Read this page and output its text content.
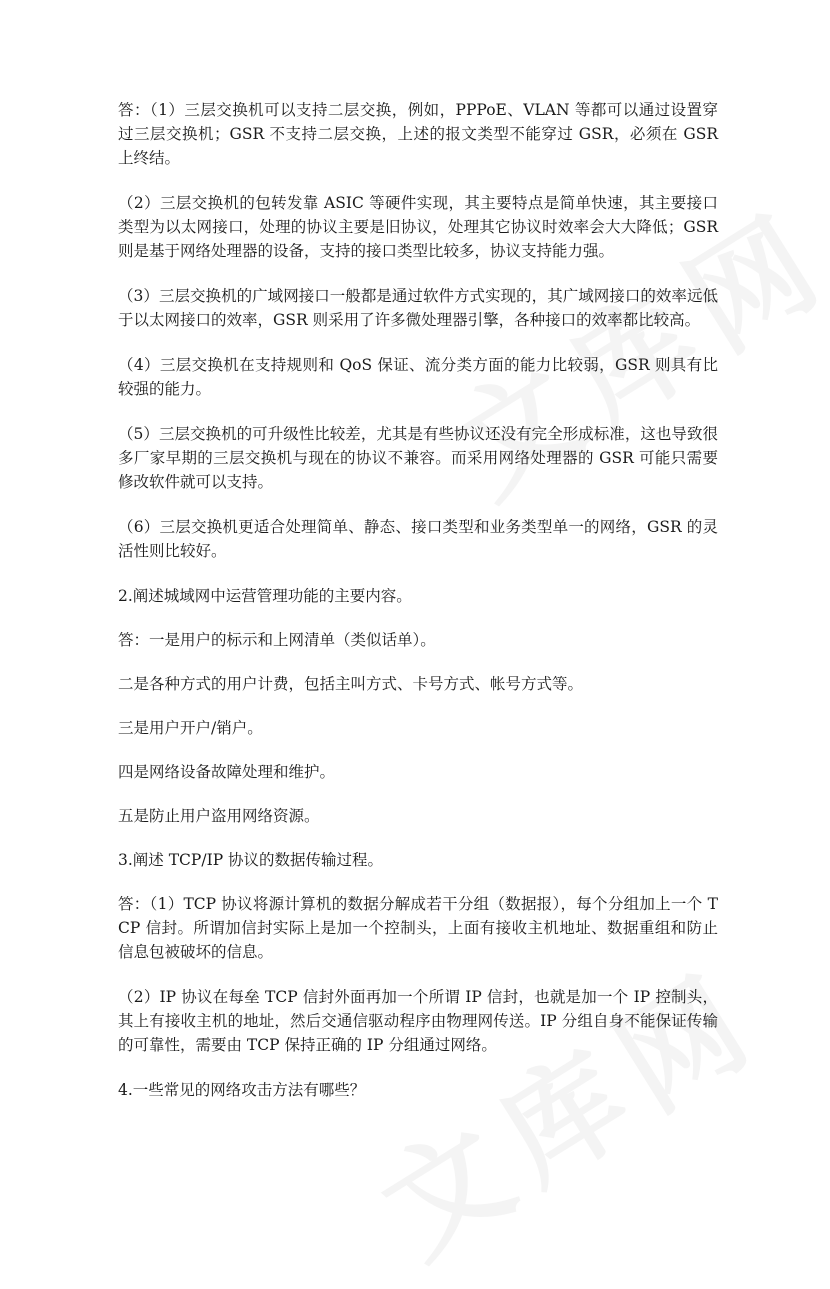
答：（1）三层交换机可以支持二层交换，例如，PPPoE、VLAN 等都可以通过设置穿过三层交换机；GSR 不支持二层交换，上述的报文类型不能穿过 GSR，必须在 GSR 上终结。

（2）三层交换机的包转发靠 ASIC 等硬件实现，其主要特点是简单快速，其主要接口类型为以太网接口，处理的协议主要是旧协议，处理其它协议时效率会大大降低；GSR 则是基于网络处理器的设备，支持的接口类型比较多，协议支持能力强。

（3）三层交换机的广域网接口一般都是通过软件方式实现的，其广域网接口的效率远低于以太网接口的效率，GSR 则采用了许多微处理器引擎，各种接口的效率都比较高。

（4）三层交换机在支持规则和 QoS 保证、流分类方面的能力比较弱，GSR 则具有比较强的能力。

（5）三层交换机的可升级性比较差，尤其是有些协议还没有完全形成标准，这也导致很多厂家早期的三层交换机与现在的协议不兼容。而采用网络处理器的 GSR 可能只需要修改软件就可以支持。

（6）三层交换机更适合处理简单、静态、接口类型和业务类型单一的网络，GSR 的灵活性则比较好。

2.阐述城域网中运营管理功能的主要内容。

答：一是用户的标示和上网清单（类似话单）。

二是各种方式的用户计费，包括主叫方式、卡号方式、帐号方式等。

三是用户开户/销户。

四是网络设备故障处理和维护。

五是防止用户盗用网络资源。

3.阐述 TCP/IP 协议的数据传输过程。

答：（1）TCP 协议将源计算机的数据分解成若干分组（数据报），每个分组加上一个 TCP 信封。所谓加信封实际上是加一个控制头，上面有接收主机地址、数据重组和防止信息包被破坏的信息。

（2）IP 协议在每垒 TCP 信封外面再加一个所谓 IP 信封，也就是加一个 IP 控制头，其上有接收主机的地址，然后交通信驱动程序由物理网传送。IP 分组自身不能保证传输的可靠性，需要由 TCP 保持正确的 IP 分组通过网络。

4.一些常见的网络攻击方法有哪些？
